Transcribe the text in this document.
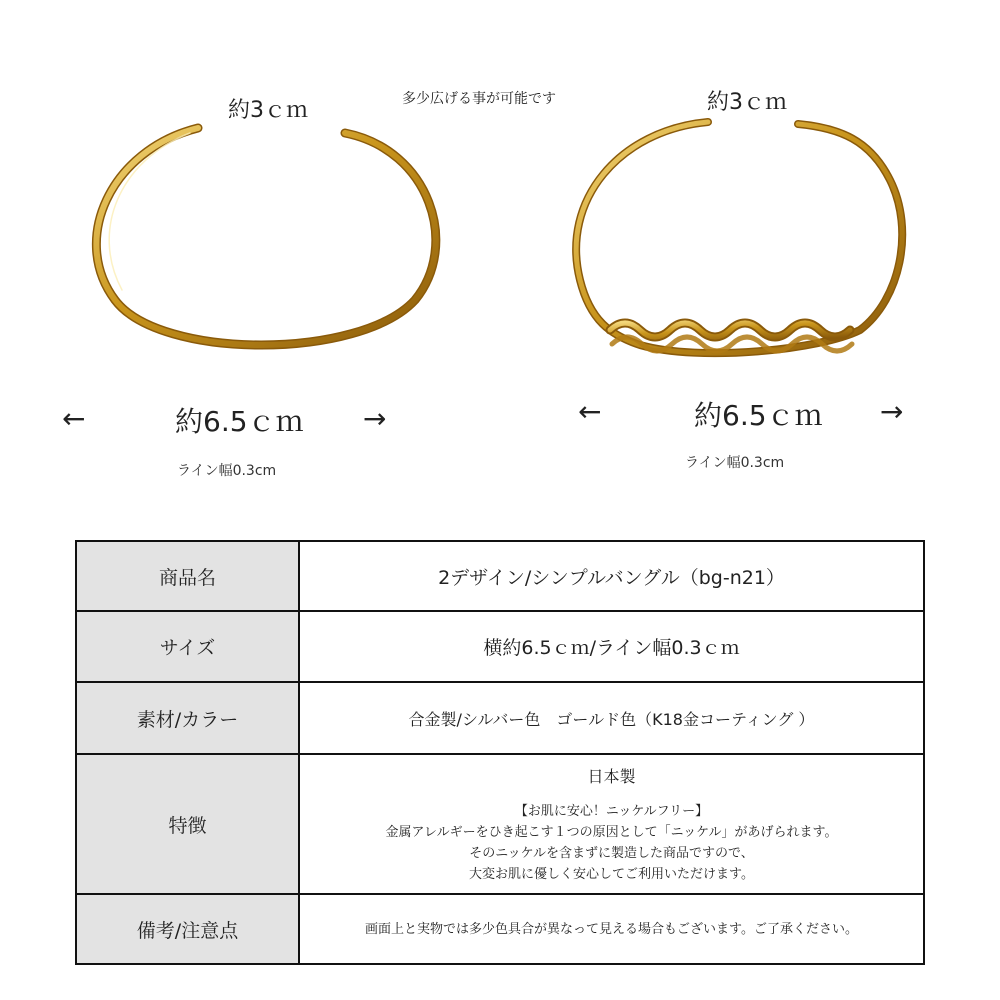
約3ｃｍ
←	約6.5ｃｍ →
ライン幅0.3cm
多少広げる事が可能です	約3ｃｍ
←	約6.5ｃｍ →
ライン幅0.3cm
商品名	2デザイン/シンプルバングル（bg-n21）
サイズ	横約6.5ｃｍ/ライン幅0.3ｃｍ
素材/カラー	合金製/シルバー色　ゴールド色（K18金コーティング ）
特徴	日本製
【お肌に安心！ニッケルフリー】
金属アレルギーをひき起こす１つの原因として「ニッケル」があげられます。
そのニッケルを含まずに製造した商品ですので、
大変お肌に優しく安心してご利用いただけます。

備考/注意点	画面上と実物では多少色具合が異なって見える場合もございます。ご了承ください。
